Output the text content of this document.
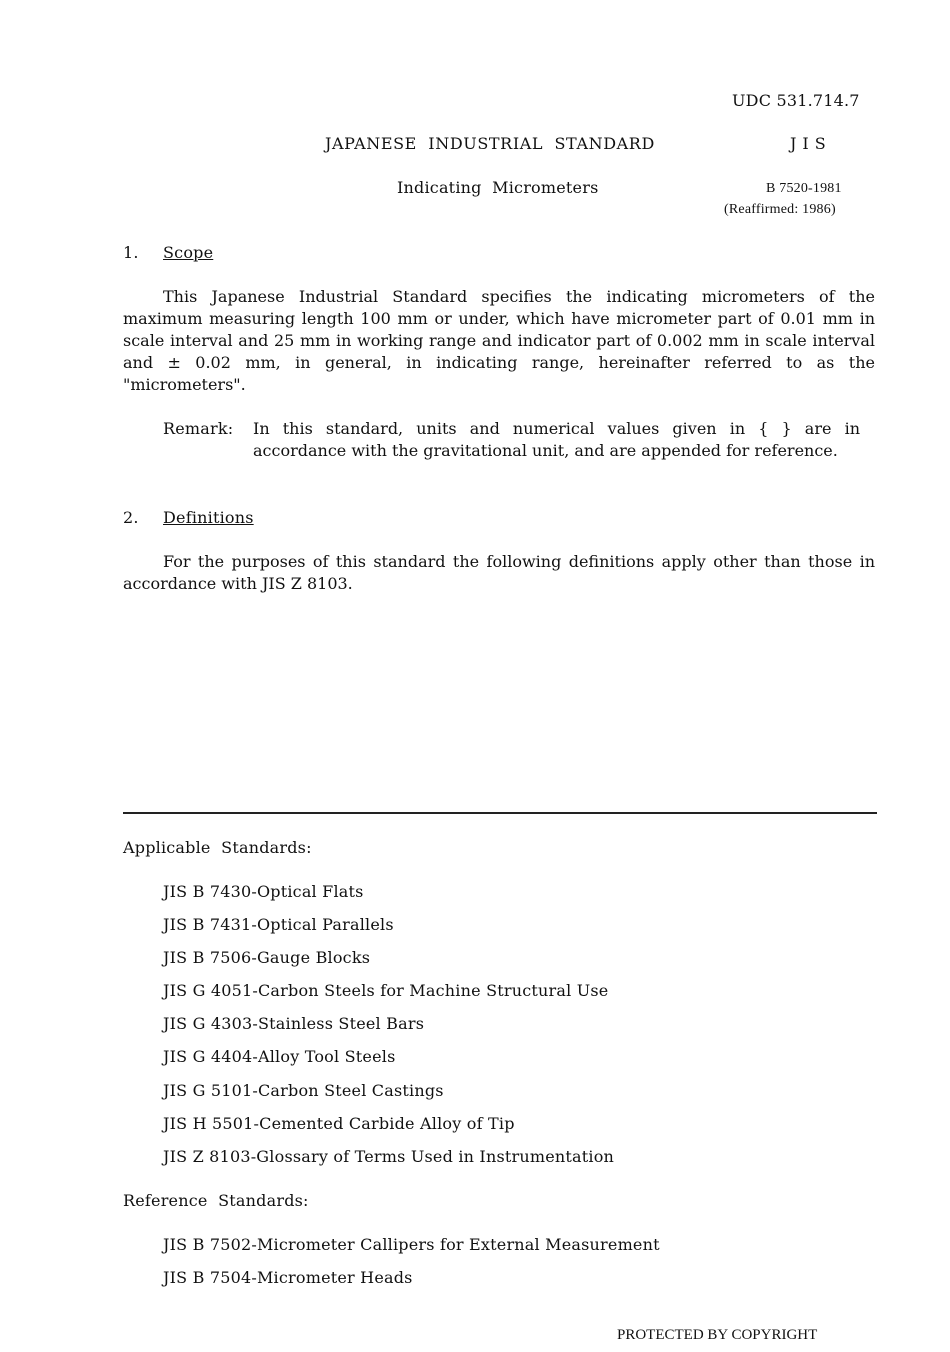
UDC 531.714.7
JAPANESE  INDUSTRIAL  STANDARD	JIS
Indicating  Micrometers	B 7520-1981
(Reaffirmed: 1986)
1. Scope
This Japanese Industrial Standard specifies the indicating micrometers of the maximum measuring length 100 mm or under, which have micrometer part of 0.01 mm in scale interval and 25 mm in working range and indicator part of 0.002 mm in scale interval and ± 0.02 mm, in general, in indicating range, hereinafter referred to as the "micrometers".
Remark: In this standard, units and numerical values given in { } are in accordance with the gravitational unit, and are appended for reference.
2. Definitions
For the purposes of this standard the following definitions apply other than those in accordance with JIS Z 8103.
Applicable  Standards:
JIS B 7430-Optical Flats
JIS B 7431-Optical Parallels
JIS B 7506-Gauge Blocks
JIS G 4051-Carbon Steels for Machine Structural Use
JIS G 4303-Stainless Steel Bars
JIS G 4404-Alloy Tool Steels
JIS G 5101-Carbon Steel Castings
JIS H 5501-Cemented Carbide Alloy of Tip
JIS Z 8103-Glossary of Terms Used in Instrumentation
Reference  Standards:
JIS B 7502-Micrometer Callipers for External Measurement
JIS B 7504-Micrometer Heads
PROTECTED BY COPYRIGHT
